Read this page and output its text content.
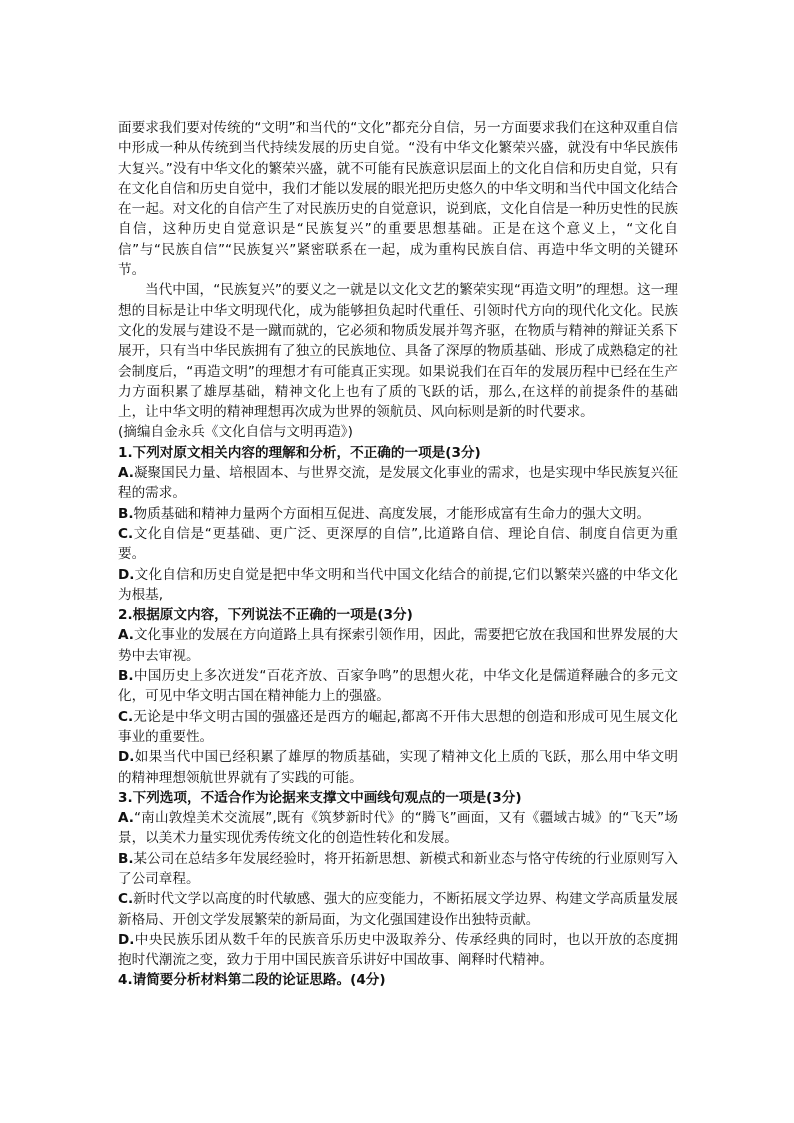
面要求我们要对传统的“文明”和当代的“文化”都充分自信，另一方面要求我们在这种双重自信中形成一种从传统到当代持续发展的历史自觉。“没有中华文化繁荣兴盛，就没有中华民族伟大复兴。”没有中华文化的繁荣兴盛，就不可能有民族意识层面上的文化自信和历史自觉，只有在文化自信和历史自觉中，我们才能以发展的眼光把历史悠久的中华文明和当代中国文化结合在一起。对文化的自信产生了对民族历史的自觉意识，说到底，文化自信是一种历史性的民族自信，这种历史自觉意识是“民族复兴”的重要思想基础。正是在这个意义上，“文化自信”与“民族自信”“民族复兴”紧密联系在一起，成为重构民族自信、再造中华文明的关键环节。

当代中国，“民族复兴”的要义之一就是以文化文艺的繁荣实现“再造文明”的理想。这一理想的目标是让中华文明现代化，成为能够担负起时代重任、引领时代方向的现代化文化。民族文化的发展与建设不是一蹴而就的，它必须和物质发展并驾齐驱，在物质与精神的辩证关系下展开，只有当中华民族拥有了独立的民族地位、具备了深厚的物质基础、形成了成熟稳定的社会制度后，“再造文明”的理想才有可能真正实现。如果说我们在百年的发展历程中已经在生产力方面积累了雄厚基础，精神文化上也有了质的飞跃的话，那么,在这样的前提条件的基础上，让中华文明的精神理想再次成为世界的领航员、风向标则是新的时代要求。

(摘编自金永兵《文化自信与文明再造》)

1.下列对原文相关内容的理解和分析，不正确的一项是(3分)

A.凝聚国民力量、培根固本、与世界交流，是发展文化事业的需求，也是实现中华民族复兴征程的需求。

B.物质基础和精神力量两个方面相互促进、高度发展，才能形成富有生命力的强大文明。

C.文化自信是“更基础、更广泛、更深厚的自信”,比道路自信、理论自信、制度自信更为重要。

D.文化自信和历史自觉是把中华文明和当代中国文化结合的前提,它们以繁荣兴盛的中华文化为根基,

2.根据原文内容，下列说法不正确的一项是(3分)

A.文化事业的发展在方向道路上具有探索引领作用，因此，需要把它放在我国和世界发展的大势中去审视。

B.中国历史上多次迸发“百花齐放、百家争鸣”的思想火花，中华文化是儒道释融合的多元文化，可见中华文明古国在精神能力上的强盛。

C.无论是中华文明古国的强盛还是西方的崛起,都离不开伟大思想的创造和形成可见生展文化事业的重要性。

D.如果当代中国已经积累了雄厚的物质基础，实现了精神文化上质的飞跃，那么用中华文明的精神理想领航世界就有了实践的可能。

3.下列选项，不适合作为论据来支撑文中画线句观点的一项是(3分)

A.“南山敦煌美术交流展”,既有《筑梦新时代》的“腾飞”画面，又有《疆域古城》的“飞天”场景，以美术力量实现优秀传统文化的创造性转化和发展。

B.某公司在总结多年发展经验时，将开拓新思想、新模式和新业态与恪守传统的行业原则写入了公司章程。

C.新时代文学以高度的时代敏感、强大的应变能力，不断拓展文学边界、构建文学高质量发展新格局、开创文学发展繁荣的新局面，为文化强国建设作出独特贡献。

D.中央民族乐团从数千年的民族音乐历史中汲取养分、传承经典的同时，也以开放的态度拥抱时代潮流之变，致力于用中国民族音乐讲好中国故事、阐释时代精神。

4.请简要分析材料第二段的论证思路。(4分)
